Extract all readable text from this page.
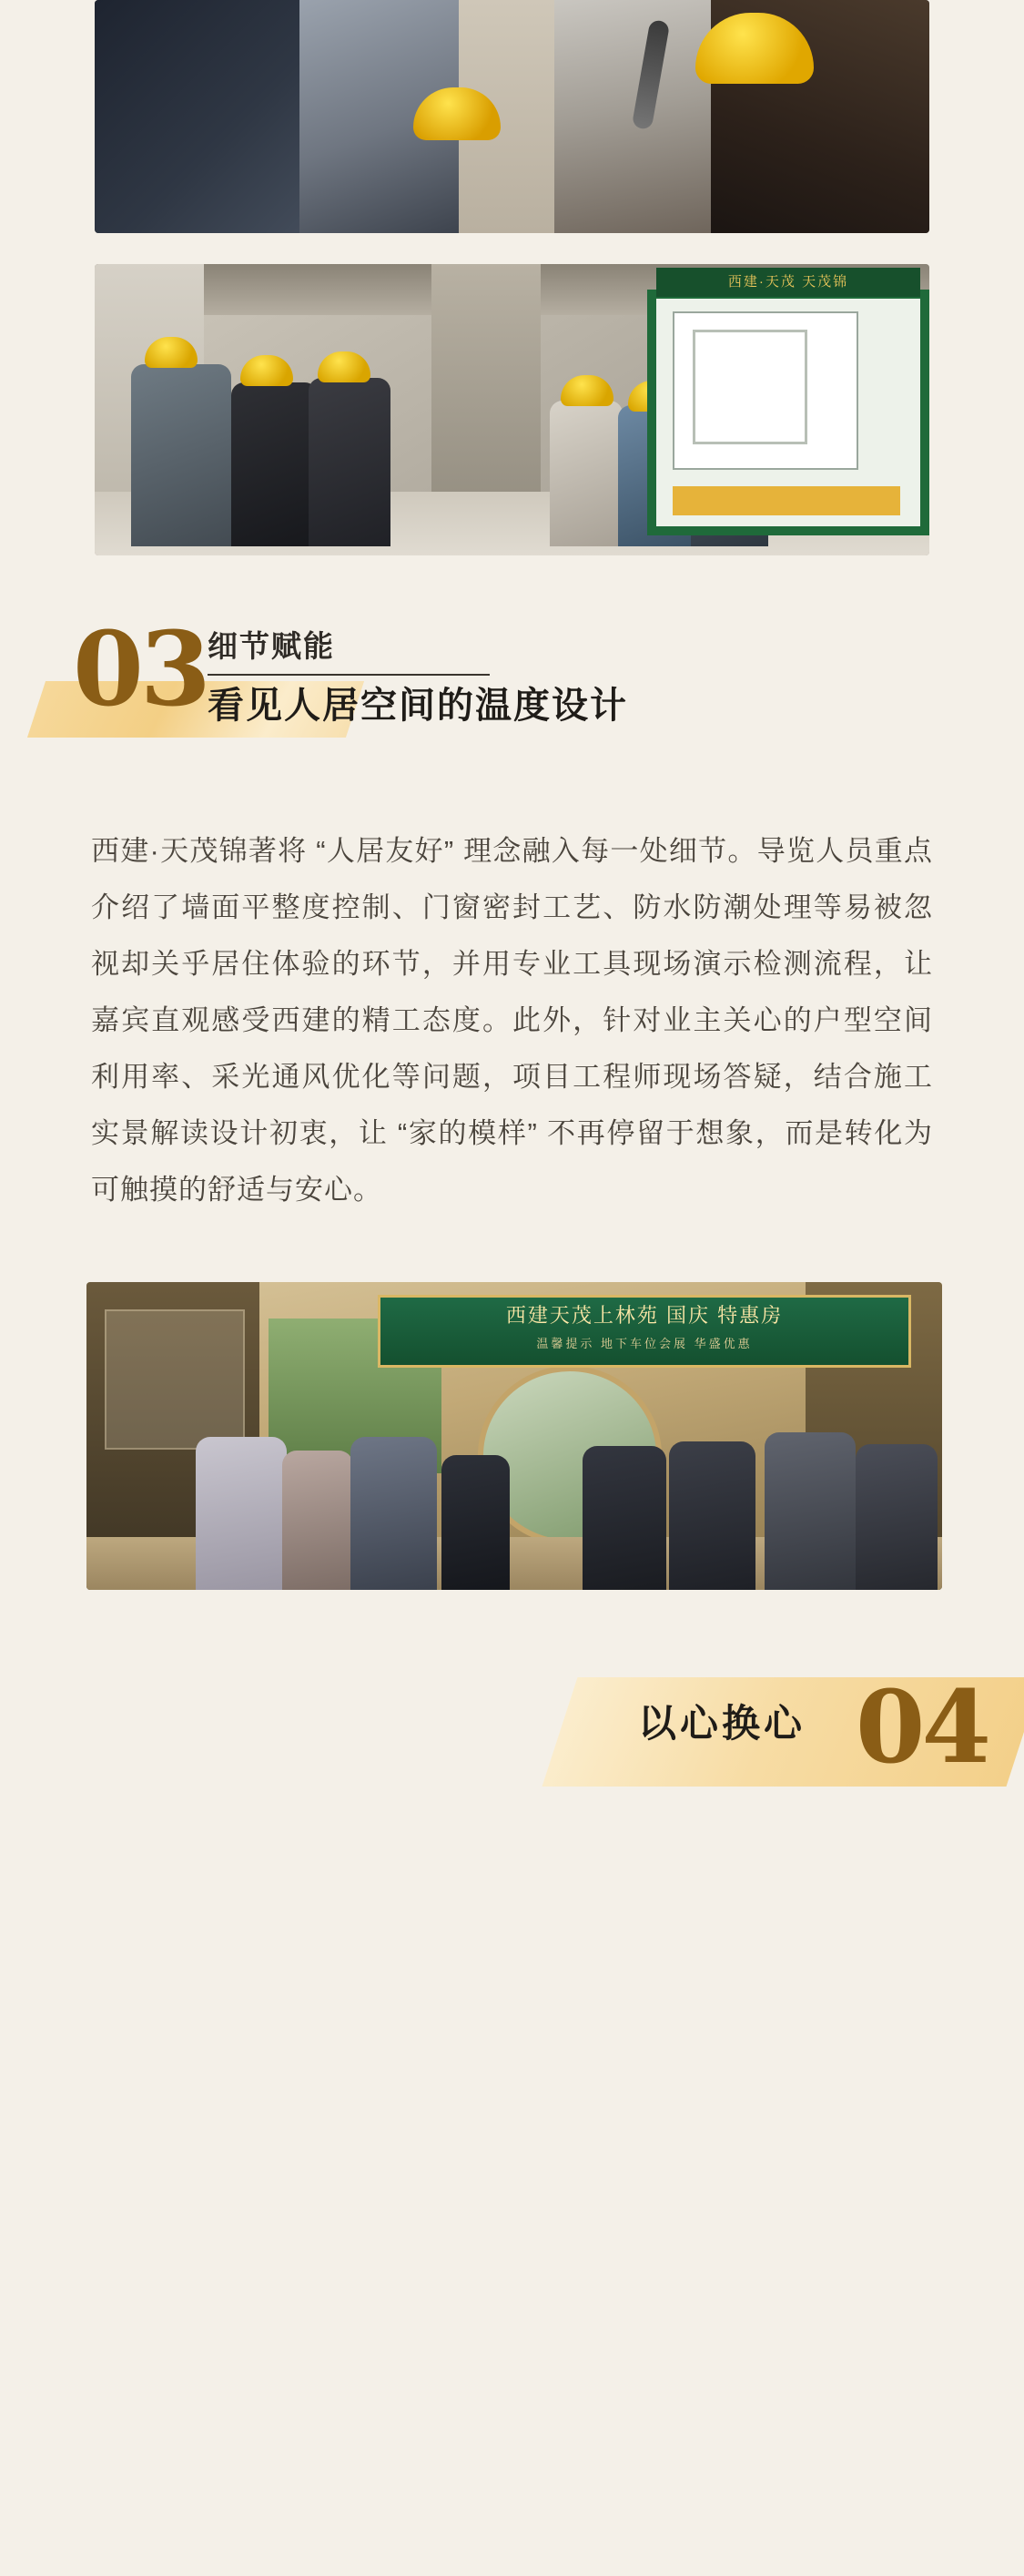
西建·天茂 天茂锦
03 细节赋能
看见人居空间的温度设计
西建·天茂锦著将 “人居友好” 理念融入每一处细节。导览人员重点介绍了墙面平整度控制、门窗密封工艺、防水防潮处理等易被忽视却关乎居住体验的环节，并用专业工具现场演示检测流程，让嘉宾直观感受西建的精工态度。此外，针对业主关心的户型空间利用率、采光通风优化等问题，项目工程师现场答疑，结合施工实景解读设计初衷，让 “家的模样” 不再停留于想象，而是转化为可触摸的舒适与安心。
西建天茂上林苑 国庆 特惠房
温馨提示 地下车位会展 华盛优惠
以心换心 04
